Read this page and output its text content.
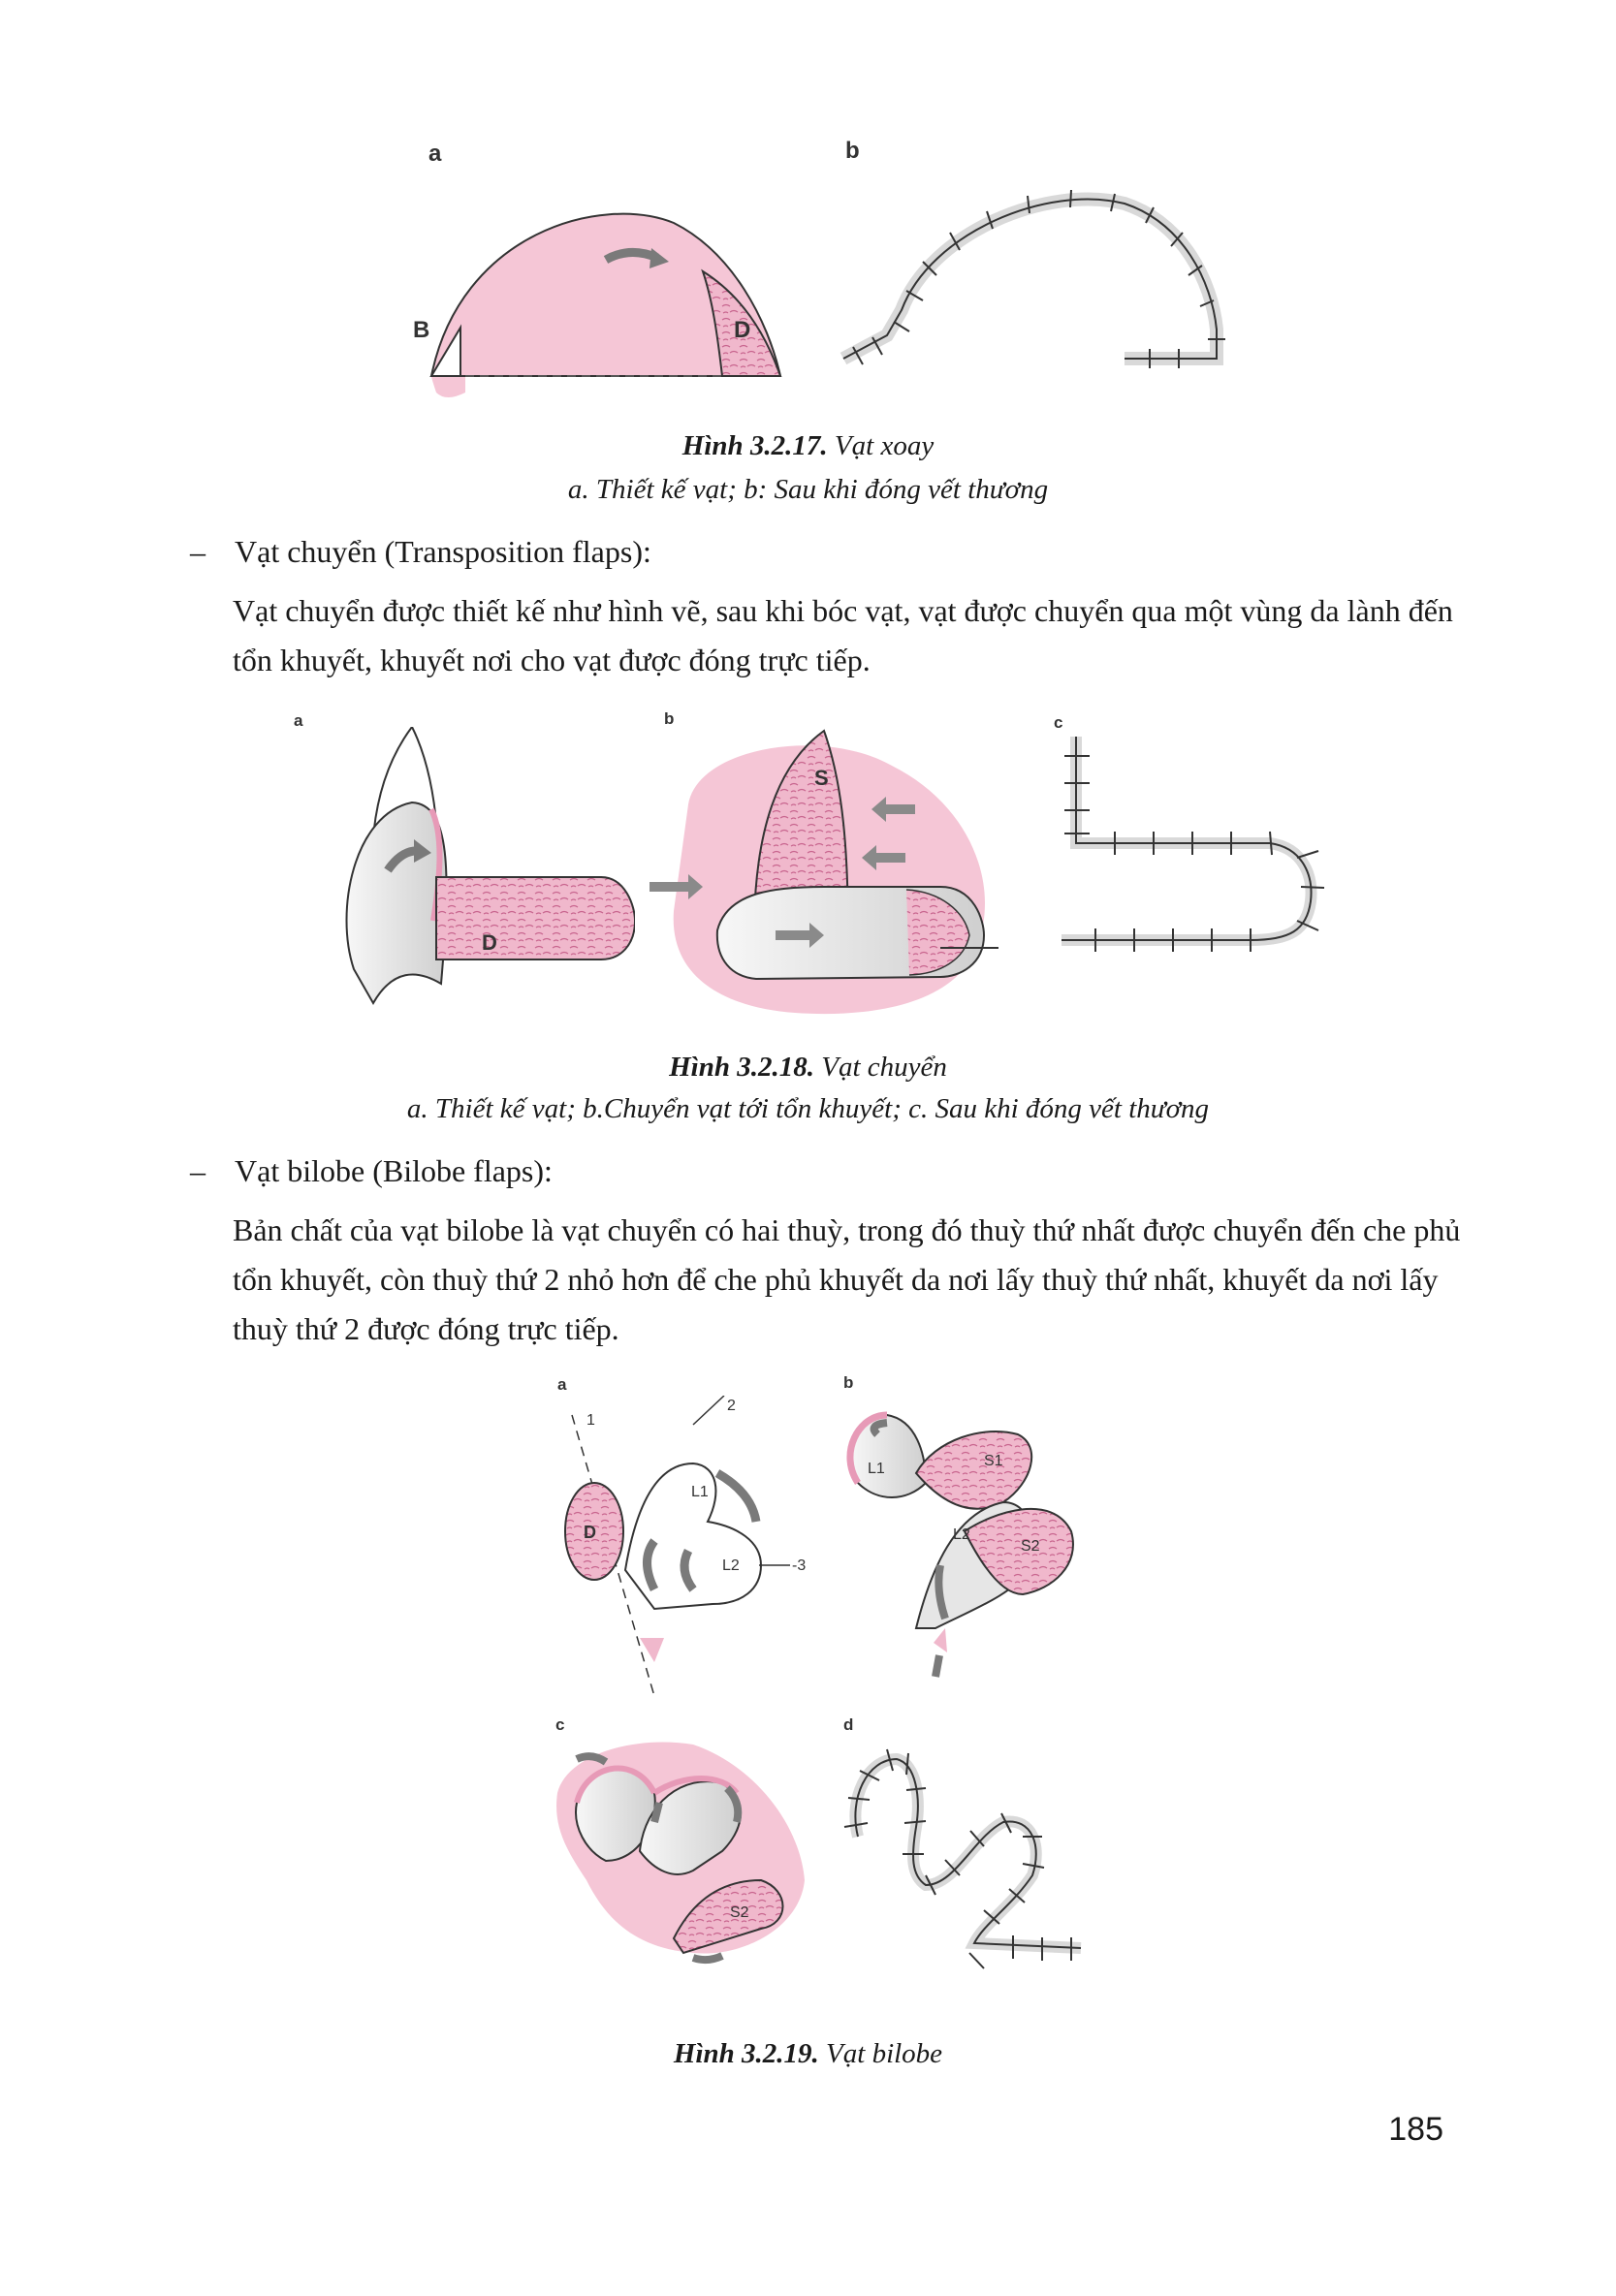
a	b
B	D
Hình 3.2.17. Vạt xoay
a. Thiết kế vạt; b: Sau khi đóng vết thương
– Vạt chuyển (Transposition flaps):
Vạt chuyển được thiết kế như hình vẽ, sau khi bóc vạt, vạt được chuyển qua một vùng da lành đến tổn khuyết, khuyết nơi cho vạt được đóng trực tiếp.
a	b	c
D
S
Hình 3.2.18. Vạt chuyển
a. Thiết kế vạt; b.Chuyển vạt tới tổn khuyết; c. Sau khi đóng vết thương
– Vạt bilobe (Bilobe flaps):
Bản chất của vạt bilobe là vạt chuyển có hai thuỳ, trong đó thuỳ thứ nhất được chuyển đến che phủ tổn khuyết, còn thuỳ thứ 2 nhỏ hơn để che phủ khuyết da nơi lấy thuỳ thứ nhất, khuyết da nơi lấy thuỳ thứ 2 được đóng trực tiếp.
a	b
c	d
1
2
-3
D
L1
L2
L1	S1
L2
S2
S2
Hình 3.2.19. Vạt bilobe
185
